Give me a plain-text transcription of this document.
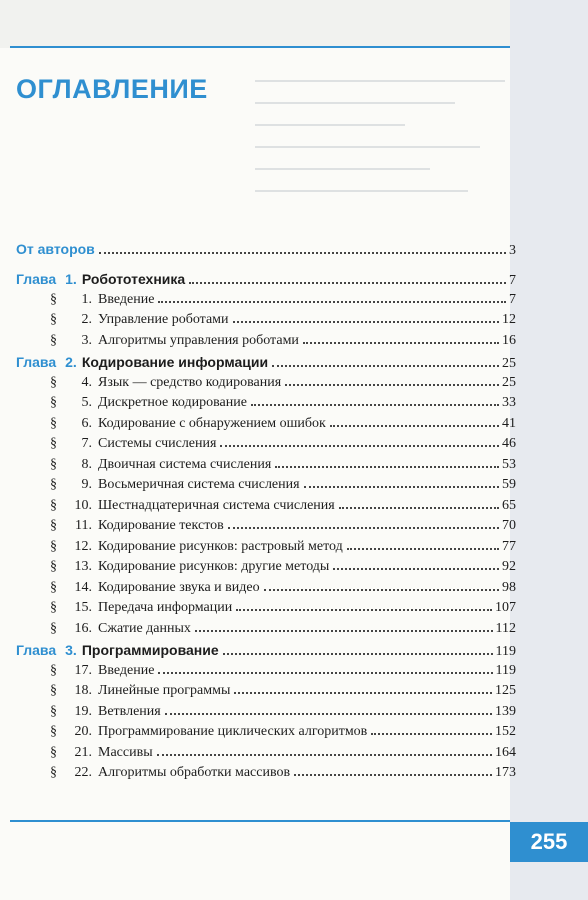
ОГЛАВЛЕНИЕ
От авторов	3
Глава 1. Робототехника	7
§	1. Введение	7
§	2. Управление роботами	12
§	3. Алгоритмы управления роботами	16
Глава 2. Кодирование информации	25
§	4. Язык — средство кодирования	25
§	5. Дискретное кодирование	33
§	6. Кодирование с обнаружением ошибок	41
§	7. Системы счисления	46
§	8. Двоичная система счисления	53
§	9. Восьмеричная система счисления	59
§	10. Шестнадцатеричная система счисления	65
§	11. Кодирование текстов	70
§	12. Кодирование рисунков: растровый метод	77
§	13. Кодирование рисунков: другие методы	92
§	14. Кодирование звука и видео	98
§	15. Передача информации	107
§	16. Сжатие данных	112
Глава 3. Программирование	119
§	17. Введение	119
§	18. Линейные программы	125
§	19. Ветвления	139
§	20. Программирование циклических алгоритмов	152
§	21. Массивы	164
§	22. Алгоритмы обработки массивов	173
255
